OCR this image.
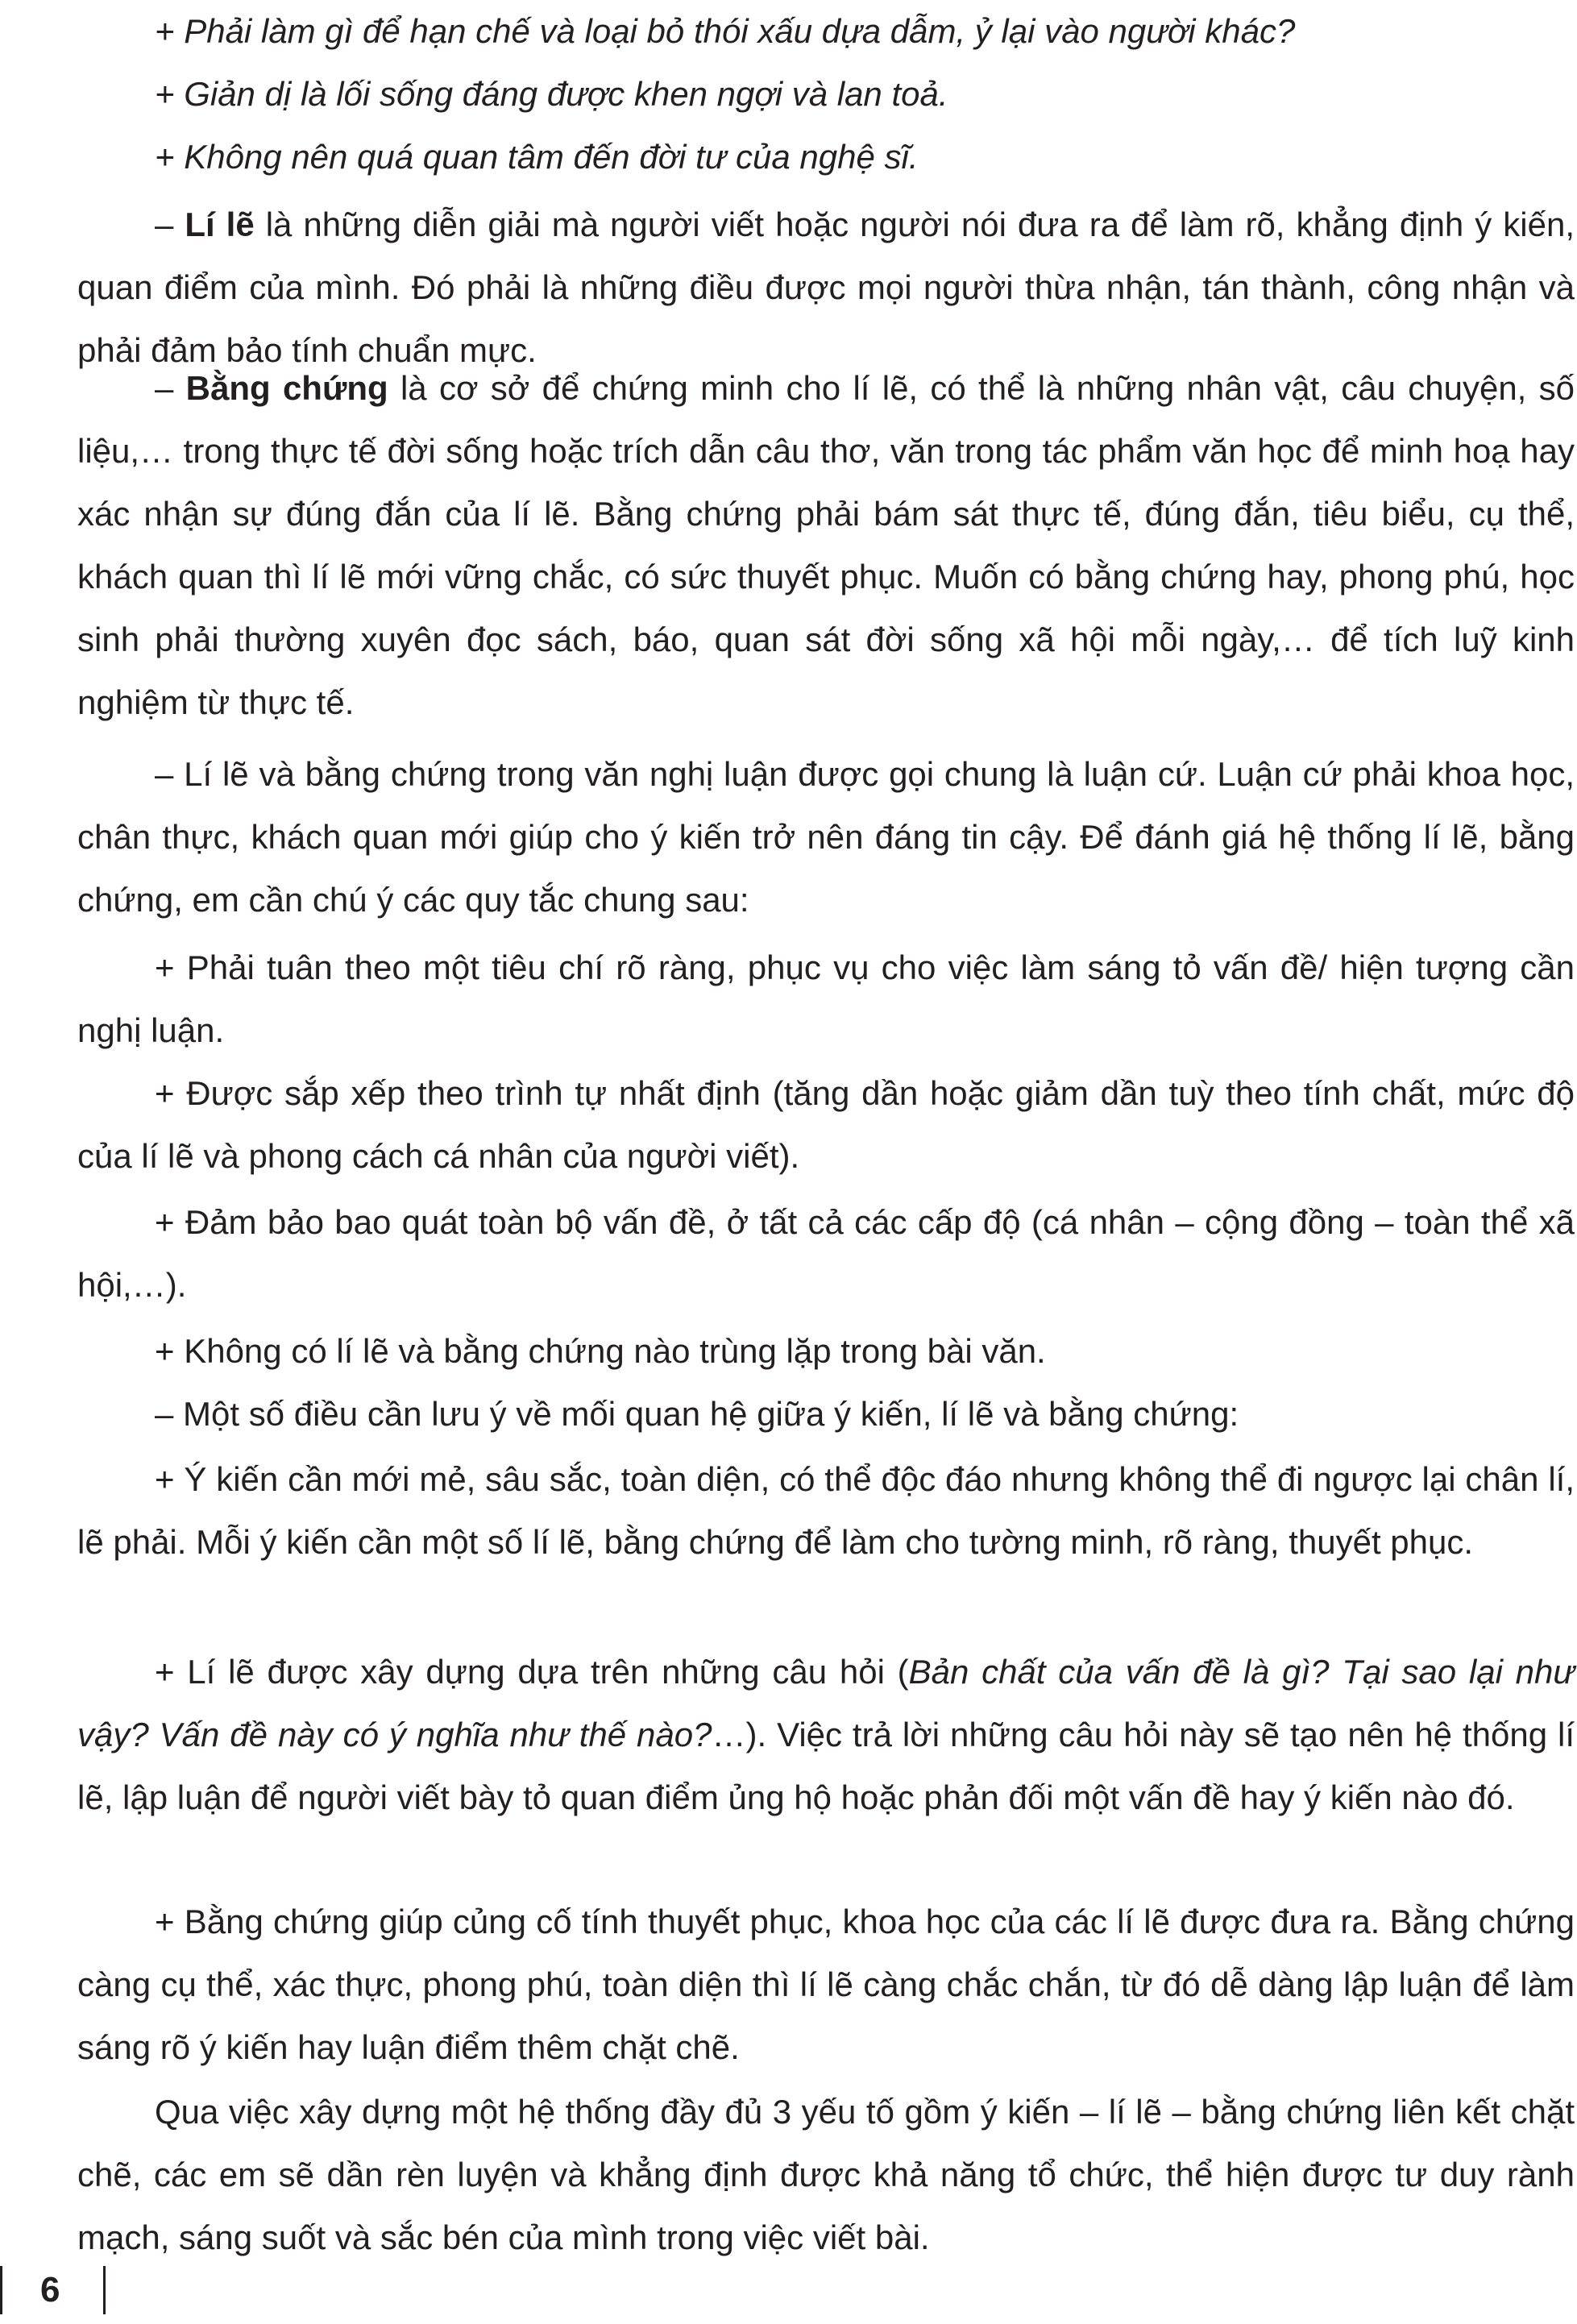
+ Phải làm gì để hạn chế và loại bỏ thói xấu dựa dẫm, ỷ lại vào người khác?

+ Giản dị là lối sống đáng được khen ngợi và lan toả.

+ Không nên quá quan tâm đến đời tư của nghệ sĩ.

– Lí lẽ là những diễn giải mà người viết hoặc người nói đưa ra để làm rõ, khẳng định ý kiến, quan điểm của mình. Đó phải là những điều được mọi người thừa nhận, tán thành, công nhận và phải đảm bảo tính chuẩn mực.

– Bằng chứng là cơ sở để chứng minh cho lí lẽ, có thể là những nhân vật, câu chuyện, số liệu,… trong thực tế đời sống hoặc trích dẫn câu thơ, văn trong tác phẩm văn học để minh hoạ hay xác nhận sự đúng đắn của lí lẽ. Bằng chứng phải bám sát thực tế, đúng đắn, tiêu biểu, cụ thể, khách quan thì lí lẽ mới vững chắc, có sức thuyết phục. Muốn có bằng chứng hay, phong phú, học sinh phải thường xuyên đọc sách, báo, quan sát đời sống xã hội mỗi ngày,… để tích luỹ kinh nghiệm từ thực tế.

– Lí lẽ và bằng chứng trong văn nghị luận được gọi chung là luận cứ. Luận cứ phải khoa học, chân thực, khách quan mới giúp cho ý kiến trở nên đáng tin cậy. Để đánh giá hệ thống lí lẽ, bằng chứng, em cần chú ý các quy tắc chung sau:

+ Phải tuân theo một tiêu chí rõ ràng, phục vụ cho việc làm sáng tỏ vấn đề/ hiện tượng cần nghị luận.

+ Được sắp xếp theo trình tự nhất định (tăng dần hoặc giảm dần tuỳ theo tính chất, mức độ của lí lẽ và phong cách cá nhân của người viết).

+ Đảm bảo bao quát toàn bộ vấn đề, ở tất cả các cấp độ (cá nhân – cộng đồng – toàn thể xã hội,…).

+ Không có lí lẽ và bằng chứng nào trùng lặp trong bài văn.

– Một số điều cần lưu ý về mối quan hệ giữa ý kiến, lí lẽ và bằng chứng:

+ Ý kiến cần mới mẻ, sâu sắc, toàn diện, có thể độc đáo nhưng không thể đi ngược lại chân lí, lẽ phải. Mỗi ý kiến cần một số lí lẽ, bằng chứng để làm cho tường minh, rõ ràng, thuyết phục.

+ Lí lẽ được xây dựng dựa trên những câu hỏi (Bản chất của vấn đề là gì? Tại sao lại như vậy? Vấn đề này có ý nghĩa như thế nào?…). Việc trả lời những câu hỏi này sẽ tạo nên hệ thống lí lẽ, lập luận để người viết bày tỏ quan điểm ủng hộ hoặc phản đối một vấn đề hay ý kiến nào đó.

+ Bằng chứng giúp củng cố tính thuyết phục, khoa học của các lí lẽ được đưa ra. Bằng chứng càng cụ thể, xác thực, phong phú, toàn diện thì lí lẽ càng chắc chắn, từ đó dễ dàng lập luận để làm sáng rõ ý kiến hay luận điểm thêm chặt chẽ.

Qua việc xây dựng một hệ thống đầy đủ 3 yếu tố gồm ý kiến – lí lẽ – bằng chứng liên kết chặt chẽ, các em sẽ dần rèn luyện và khẳng định được khả năng tổ chức, thể hiện được tư duy rành mạch, sáng suốt và sắc bén của mình trong việc viết bài.

6
